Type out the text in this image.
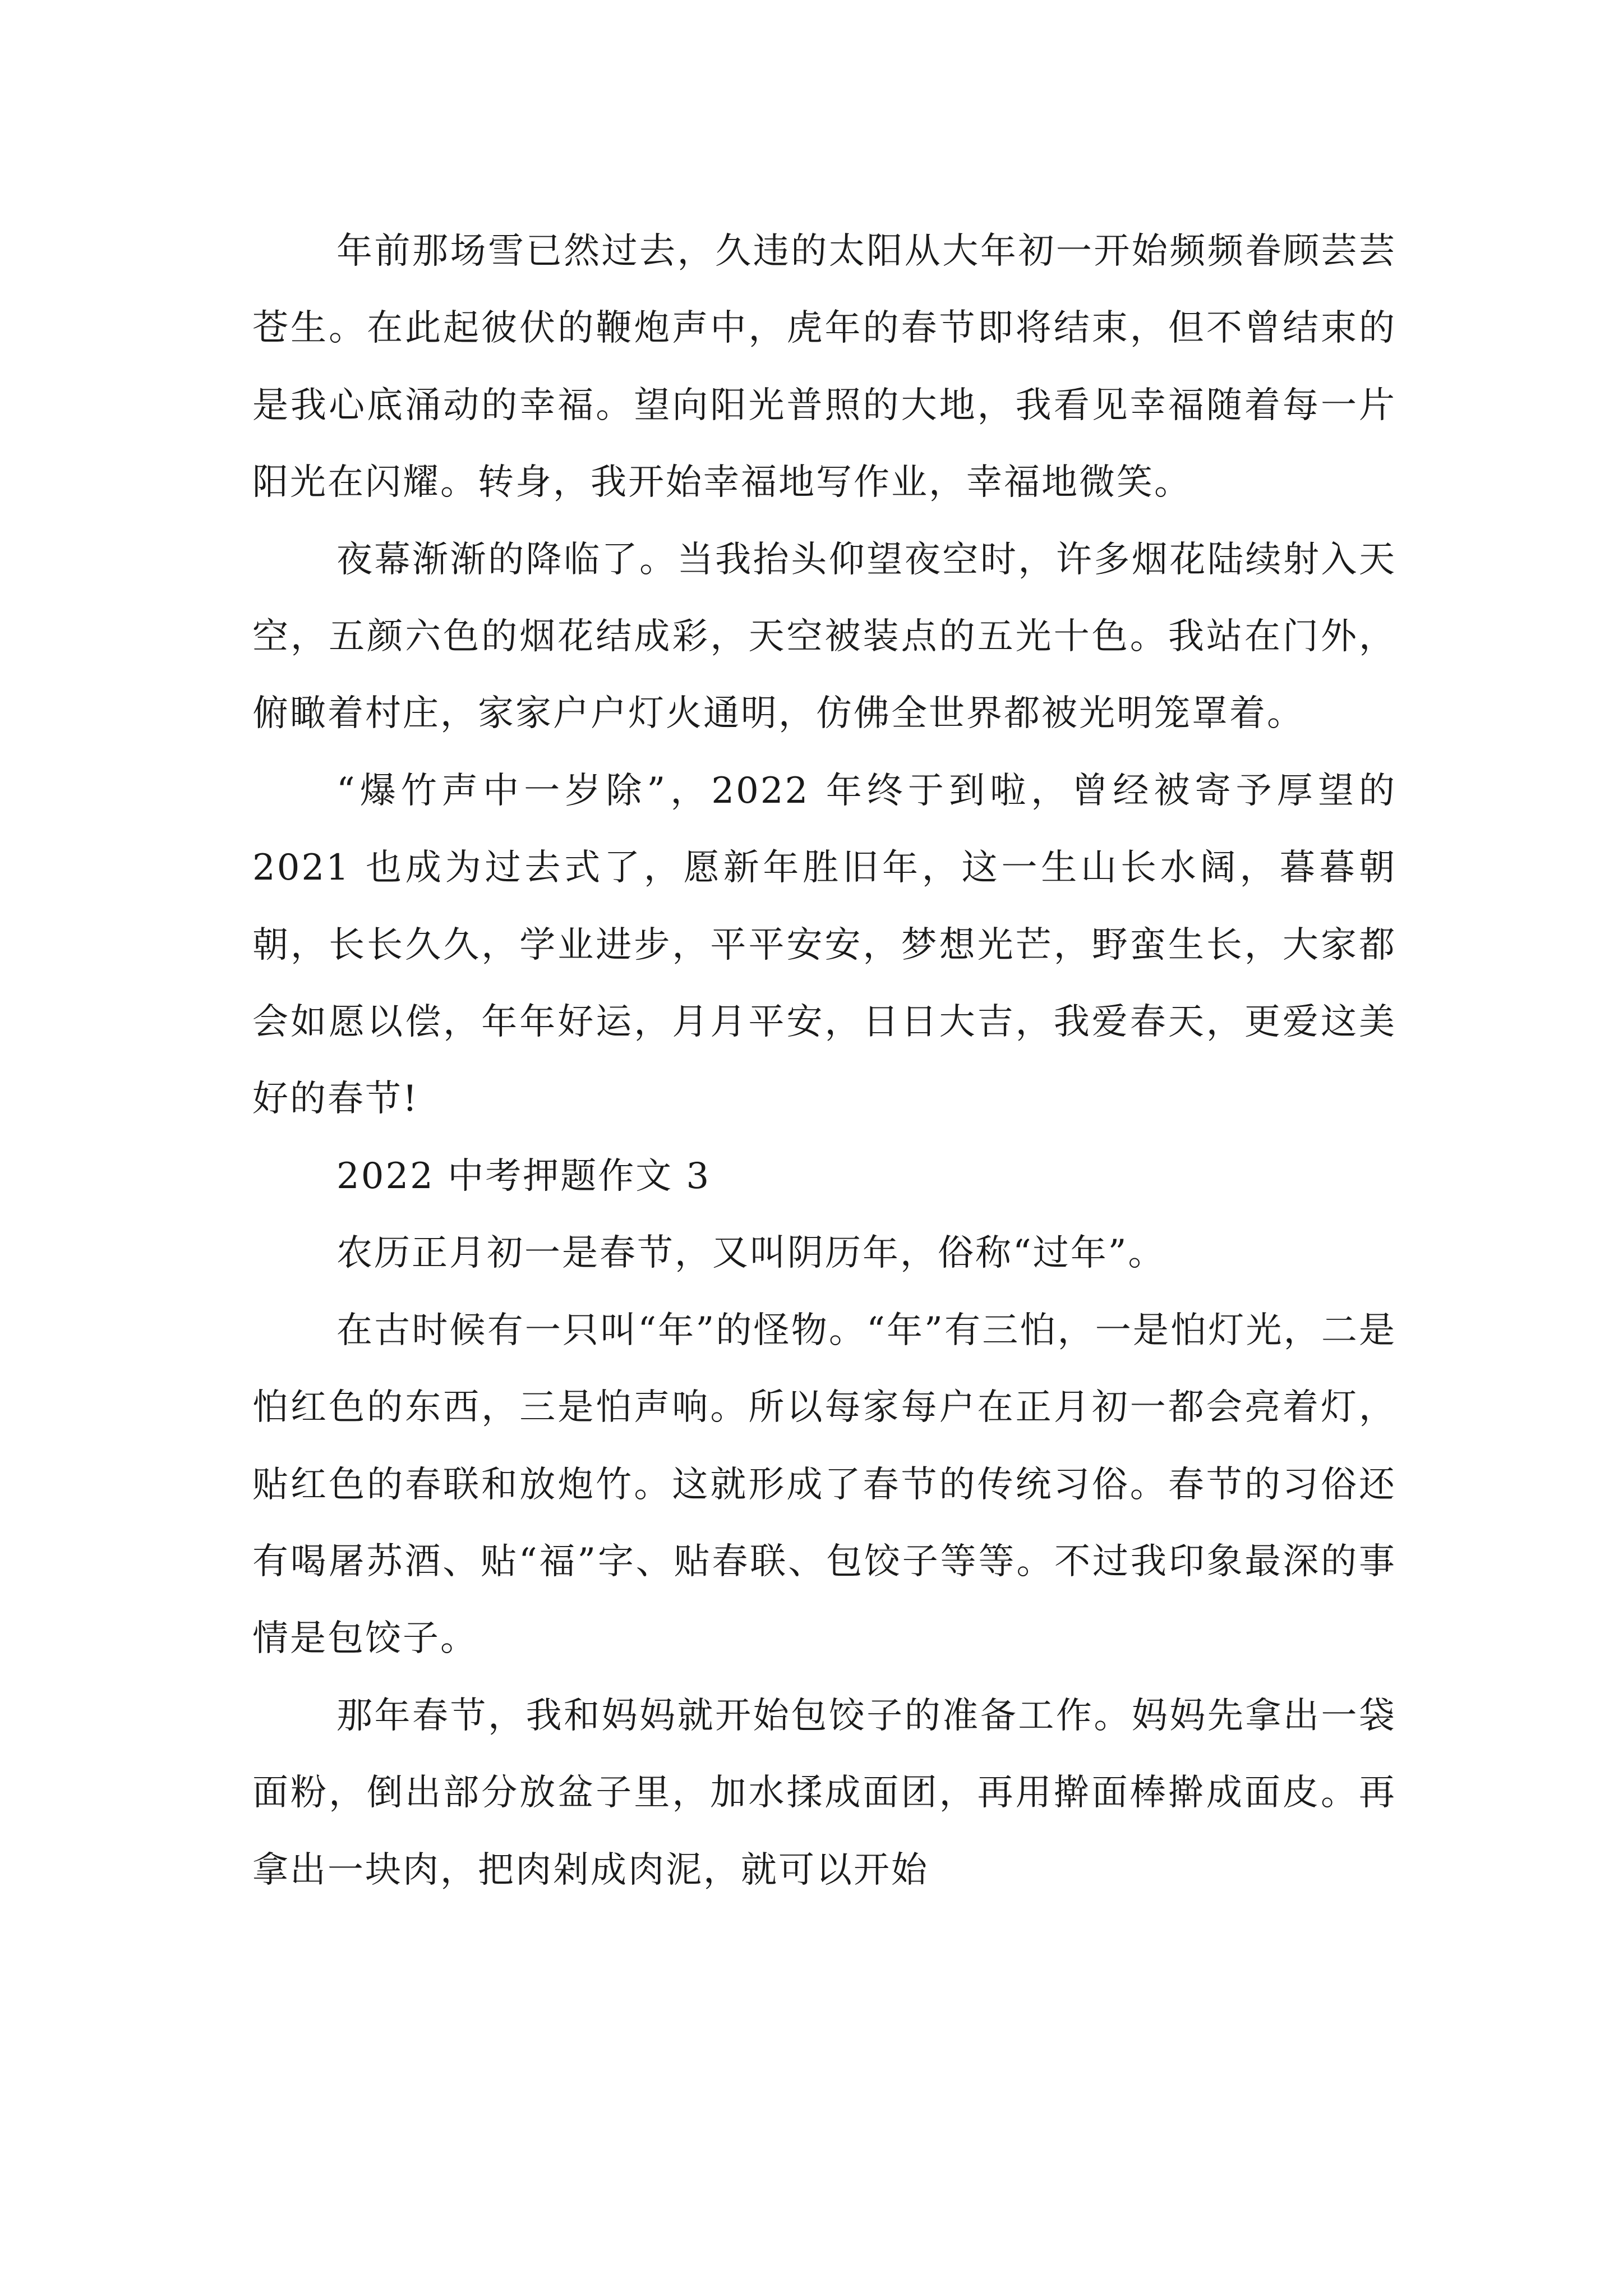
年前那场雪已然过去，久违的太阳从大年初一开始频频眷顾芸芸苍生。在此起彼伏的鞭炮声中，虎年的春节即将结束，但不曾结束的是我心底涌动的幸福。望向阳光普照的大地，我看见幸福随着每一片阳光在闪耀。转身，我开始幸福地写作业，幸福地微笑。

夜幕渐渐的降临了。当我抬头仰望夜空时，许多烟花陆续射入天空，五颜六色的烟花结成彩，天空被装点的五光十色。我站在门外，俯瞰着村庄，家家户户灯火通明，仿佛全世界都被光明笼罩着。

“爆竹声中一岁除”，2022 年终于到啦，曾经被寄予厚望的 2021 也成为过去式了，愿新年胜旧年，这一生山长水阔，暮暮朝朝，长长久久，学业进步，平平安安，梦想光芒，野蛮生长，大家都会如愿以偿，年年好运，月月平安，日日大吉，我爱春天，更爱这美好的春节!

2022 中考押题作文 3

农历正月初一是春节，又叫阴历年，俗称“过年”。

在古时候有一只叫“年”的怪物。“年”有三怕，一是怕灯光，二是怕红色的东西，三是怕声响。所以每家每户在正月初一都会亮着灯，贴红色的春联和放炮竹。这就形成了春节的传统习俗。春节的习俗还有喝屠苏酒、贴“福”字、贴春联、包饺子等等。不过我印象最深的事情是包饺子。

那年春节，我和妈妈就开始包饺子的准备工作。妈妈先拿出一袋面粉，倒出部分放盆子里，加水揉成面团，再用擀面棒擀成面皮。再拿出一块肉，把肉剁成肉泥，就可以开始
